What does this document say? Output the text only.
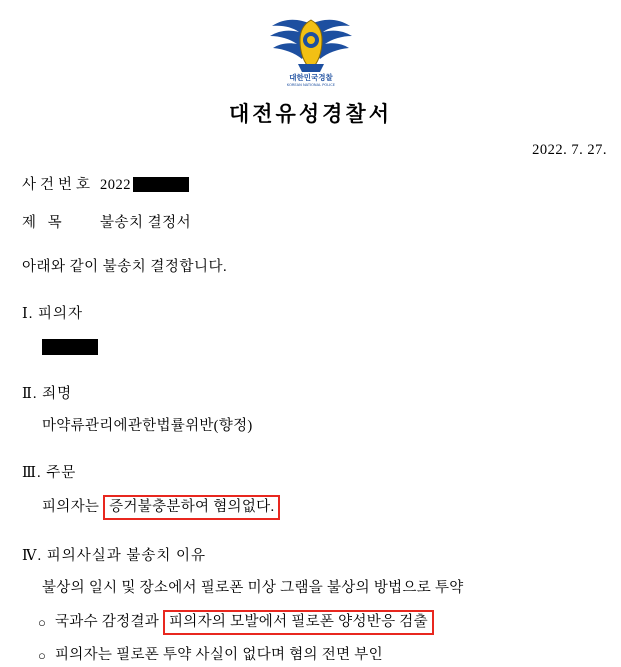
대한민국경찰
KOREAN NATIONAL POLICE
대전유성경찰서
2022. 7. 27.
사건번호 2022
제 목	불송치 결정서
아래와 같이 불송치 결정합니다.
Ⅰ. 피의자
Ⅱ. 죄명
마약류관리에관한법률위반(향정)
Ⅲ. 주문
피의자는 증거불충분하여 혐의없다.
Ⅳ. 피의사실과 불송치 이유
불상의 일시 및 장소에서 필로폰 미상 그램을 불상의 방법으로 투약
○ 국과수 감정결과 피의자의 모발에서 필로폰 양성반응 검출
○ 피의자는 필로폰 투약 사실이 없다며 혐의 전면 부인
